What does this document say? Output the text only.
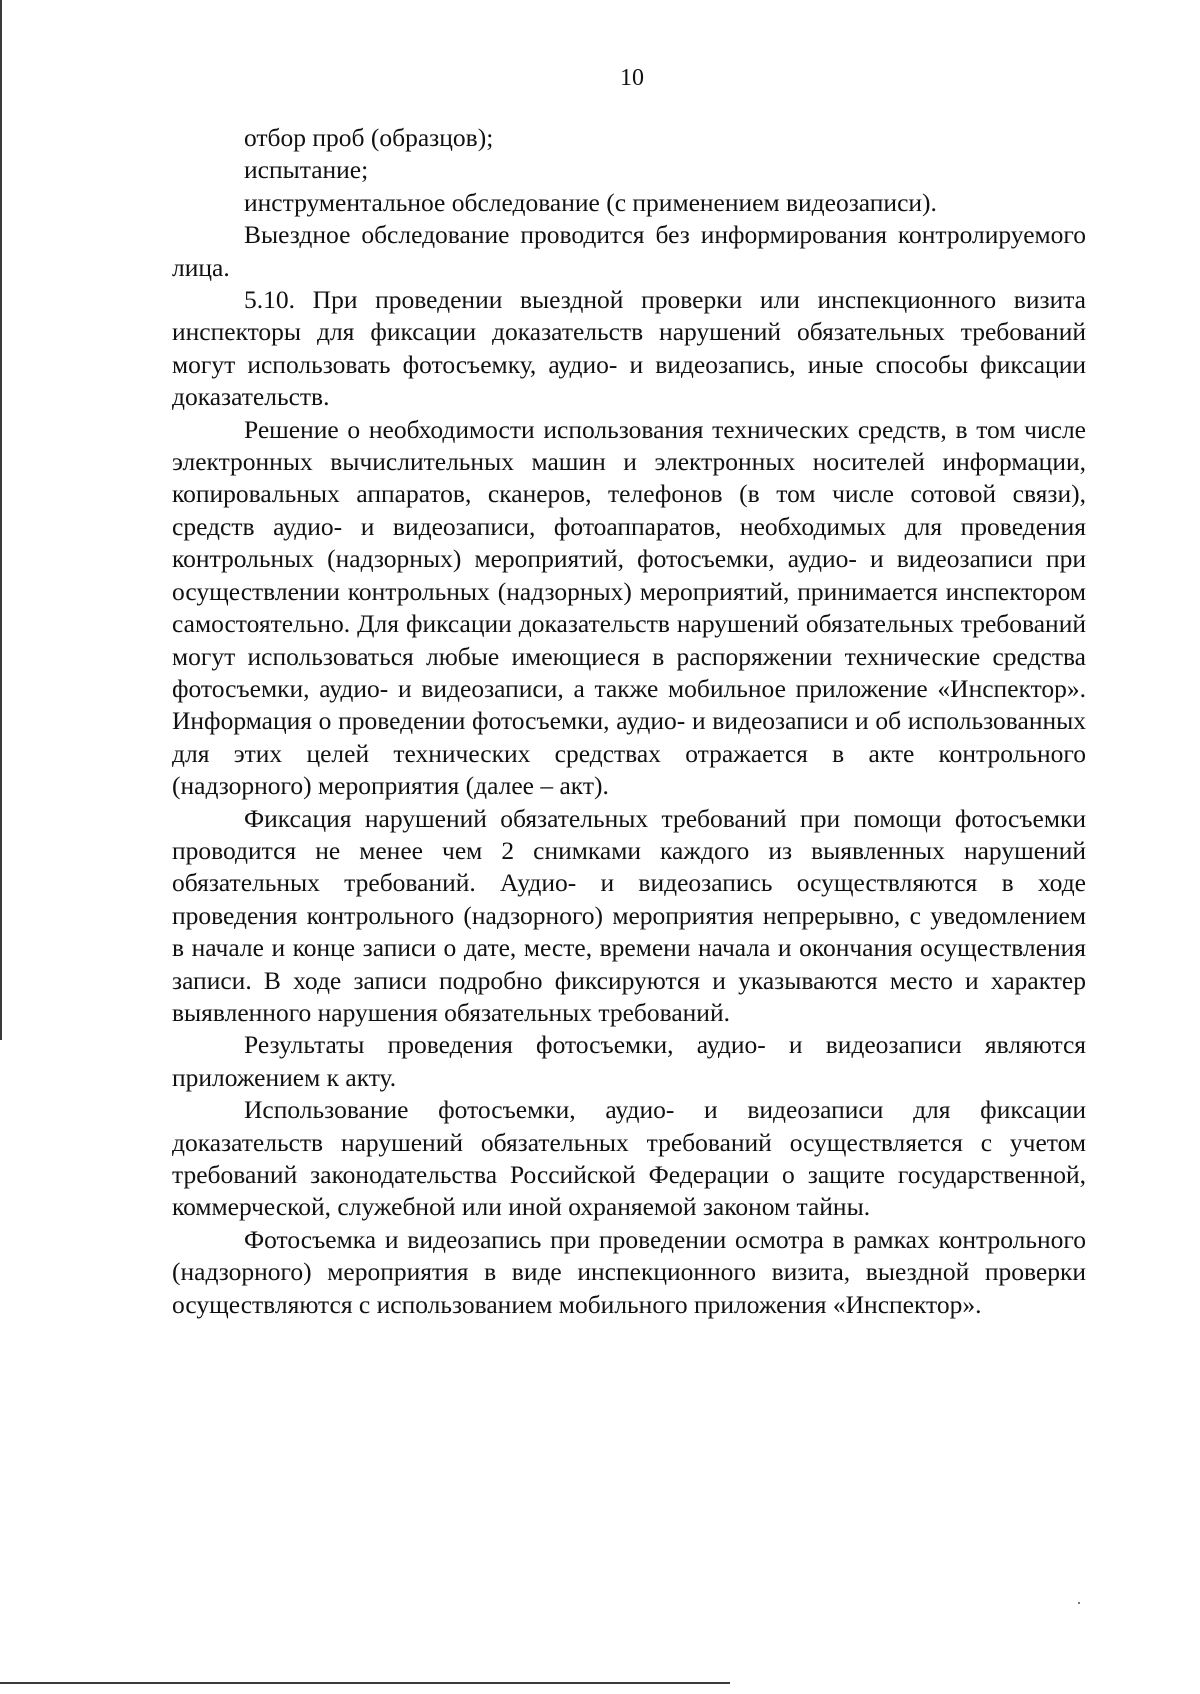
10

отбор проб (образцов);

испытание;

инструментальное обследование (с применением видеозаписи).

Выездное обследование проводится без информирования контролируемого лица.

5.10. При проведении выездной проверки или инспекционного визита инспекторы для фиксации доказательств нарушений обязательных требований могут использовать фотосъемку, аудио- и видеозапись, иные способы фиксации доказательств.

Решение о необходимости использования технических средств, в том числе электронных вычислительных машин и электронных носителей информации, копировальных аппаратов, сканеров, телефонов (в том числе сотовой связи), средств аудио- и видеозаписи, фотоаппаратов, необходимых для проведения контрольных (надзорных) мероприятий, фотосъемки, аудио- и видеозаписи при осуществлении контрольных (надзорных) мероприятий, принимается инспектором самостоятельно. Для фиксации доказательств нарушений обязательных требований могут использоваться любые имеющиеся в распоряжении технические средства фотосъемки, аудио- и видеозаписи, а также мобильное приложение «Инспектор». Информация о проведении фотосъемки, аудио- и видеозаписи и об использованных для этих целей технических средствах отражается в акте контрольного (надзорного) мероприятия (далее – акт).

Фиксация нарушений обязательных требований при помощи фотосъемки проводится не менее чем 2 снимками каждого из выявленных нарушений обязательных требований. Аудио- и видеозапись осуществляются в ходе проведения контрольного (надзорного) мероприятия непрерывно, с уведомлением в начале и конце записи о дате, месте, времени начала и окончания осуществления записи. В ходе записи подробно фиксируются и указываются место и характер выявленного нарушения обязательных требований.

Результаты проведения фотосъемки, аудио- и видеозаписи являются приложением к акту.

Использование фотосъемки, аудио- и видеозаписи для фиксации доказательств нарушений обязательных требований осуществляется с учетом требований законодательства Российской Федерации о защите государственной, коммерческой, служебной или иной охраняемой законом тайны.

Фотосъемка и видеозапись при проведении осмотра в рамках контрольного (надзорного) мероприятия в виде инспекционного визита, выездной проверки осуществляются с использованием мобильного приложения «Инспектор».
